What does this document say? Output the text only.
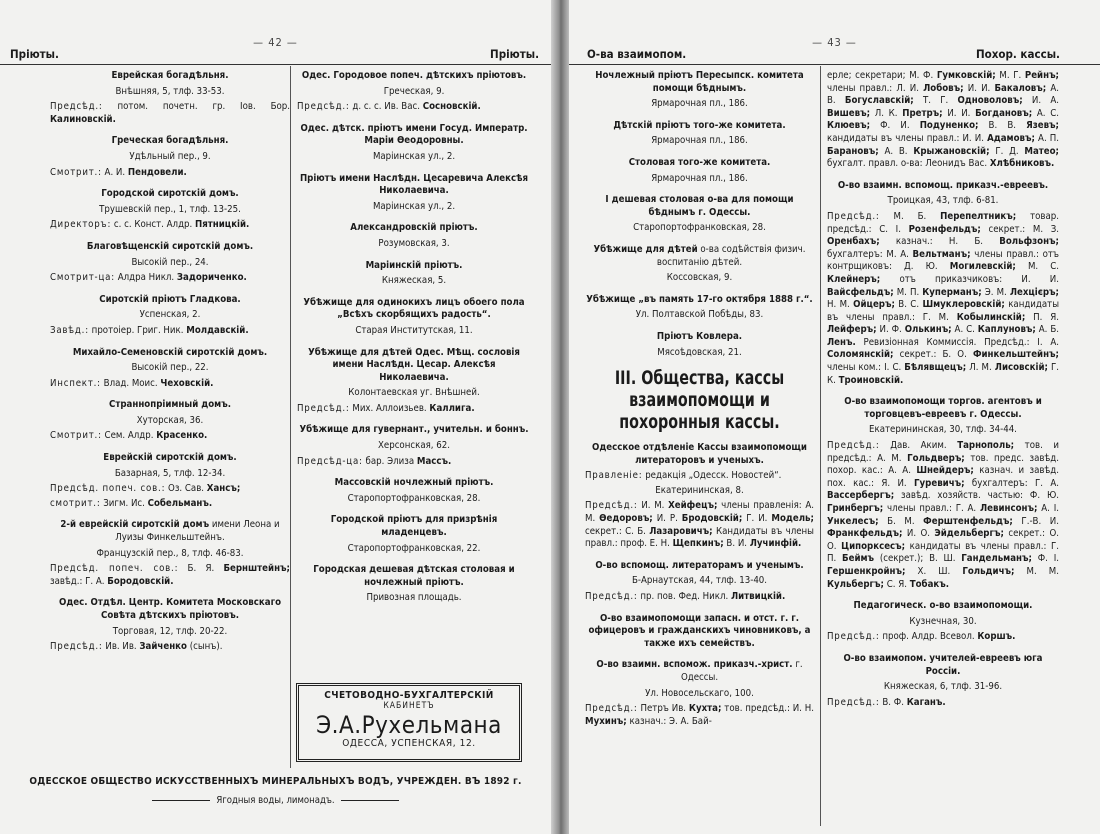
Пріюты.
— 42 —
Пріюты.
Еврейская богадѣльня.
Внѣшняя, 5, тлф. 33-53.
Предсѣд.: потом. почетн. гр. Іов. Бор. Калиновскій.
Греческая богадѣльня.
Удѣльный пер., 9.
Смотрит.: А. И. Пендовели.
Городской сиротскій домъ.
Трушевскій пер., 1, тлф. 13-25.
Директоръ: с. с. Конст. Алдр. Пятницкій.
Благовѣщенскій сиротскій домъ.
Высокій пер., 24.
Смотрит-ца: Алдра Никл. Задориченко.
Сиротскій пріютъ Гладкова.
Успенская, 2.
Завѣд.: протоіер. Григ. Ник. Молдавскій.
Михайло-Семеновскій сиротскій домъ.
Высокій пер., 22.
Инспект.: Влад. Моис. Чеховскій.
Страннопріимный домъ.
Хуторская, 36.
Смотрит.: Сем. Алдр. Красенко.
Еврейскій сиротскій домъ.
Базарная, 5, тлф. 12-34.
Предсѣд. попеч. сов.: Оз. Сав. Хансъ;
смотрит.: Зигм. Ис. Собельманъ.
2-й еврейскій сиротскій домъ имени Леона и Луизы Финкельштейнъ.
Французскій пер., 8, тлф. 46-83.
Предсѣд. попеч. сов.: Б. Я. Бернштейнъ; завѣд.: Г. А. Бородовскій.
Одес. Отдѣл. Центр. Комитета Московскаго Совѣта дѣтскихъ пріютовъ.
Торговая, 12, тлф. 20-22.
Предсѣд.: Ив. Ив. Зайченко (сынъ).
Одес. Городовое попеч. дѣтскихъ пріютовъ.
Греческая, 9.
Предсѣд.: д. с. с. Ив. Вас. Сосновскій.
Одес. дѣтск. пріютъ имени Госуд. Императр. Маріи Ѳеодоровны.
Маріинская ул., 2.
Пріютъ имени Наслѣдн. Цесаревича Алексѣя Николаевича.
Маріинская ул., 2.
Александровскій пріютъ.
Розумовская, 3.
Маріинскій пріютъ.
Княжеская, 5.
Убѣжище для одинокихъ лицъ обоего пола „Всѣхъ скорбящихъ радость“.
Старая Институтская, 11.
Убѣжище для дѣтей Одес. Мѣщ. сословія имени Наслѣдн. Цесар. Алексѣя Николаевича.
Колонтаевская уг. Внѣшней.
Предсѣд.: Мих. Аллоизьев. Каллига.
Убѣжище для гувернант., учительн. и боннъ.
Херсонская, 62.
Предсѣд-ца: бар. Элиза Массъ.
Массовскій ночлежный пріютъ.
Старопортофранковская, 28.
Городской пріютъ для призрѣнія младенцевъ.
Старопортофранковская, 22.
Городская дешевая дѣтская столовая и ночлежный пріютъ.
Привозная площадь.
СЧЕТОВОДНО-БУХГАЛТЕРСКІЙ
КАБИНЕТЪ
Э.А.Рухельмана
ОДЕССА, УСПЕНСКАЯ, 12.
ОДЕССКОЕ ОБЩЕСТВО ИСКУССТВЕННЫХЪ МИНЕРАЛЬНЫХЪ ВОДЪ, УЧРЕЖДЕН. ВЪ 1892 г.
Ягодныя воды, лимонадъ.
О-ва взаимопом.
— 43 —
Похор. кассы.
Ночлежный пріютъ Пересыпск. комитета помощи бѣднымъ.
Ярмарочная пл., 186.
Дѣтскій пріютъ того-же комитета.
Ярмарочная пл., 186.
Столовая того-же комитета.
Ярмарочная пл., 186.
I дешевая столовая о-ва для помощи бѣднымъ г. Одессы.
Старопортофранковская, 28.
Убѣжище для дѣтей о-ва содѣйствія физич. воспитанію дѣтей.
Коссовская, 9.
Убѣжище „въ память 17-го октября 1888 г.“.
Ул. Полтавской Побѣды, 83.
Пріютъ Ковлера.
Мясоѣдовская, 21.
III. Общества, кассы взаимопомощи и похоронныя кассы.
Одесское отдѣленіе Кассы взаимопомощи литераторовъ и ученыхъ.
Правленіе: редакція „Одесск. Новостей“.
Екатерининская, 8.
Предсѣд.: И. М. Хейфецъ; члены правленія: А. М. Ѳедоровъ; И. Р. Бродовскій; Г. И. Модель; секрет.: С. Б. Лазаровичъ; Кандидаты въ члены правл.: проф. Е. Н. Щепкинъ; В. И. Лучинфій.
О-во вспомощ. литераторамъ и ученымъ.
Б-Арнаутская, 44, тлф. 13-40.
Предсѣд.: пр. пов. Фед. Никл. Литвицкій.
О-во взаимопомощи запасн. и отст. г. г. офицеровъ и гражданскихъ чиновниковъ, а также ихъ семействъ.
О-во взаимн. вспомож. приказч.-христ. г. Одессы.
Ул. Новосельскаго, 100.
Предсѣд.: Петръ Ив. Кухта; тов. предсѣд.: И. Н. Мухинъ; казнач.: Э. А. Бай-
ерле; секретари; М. Ф. Гумковскій; М. Г. Рейнъ; члены правл.: Л. И. Лобовъ; И. И. Бакаловъ; А. В. Богуславскій; Т. Г. Одноволовъ; И. А. Вишевъ; Л. К. Претръ; И. И. Богдановъ; А. С. Клюевъ; Ф. И. Подуненко; В. В. Язевъ; кандидаты въ члены правл.: И. И. Адамовъ; А. П. Барановъ; А. В. Крыжановскій; Г. Д. Матео; бухгалт. правл. о-ва: Леонидъ Вас. Хлѣбниковъ.
О-во взаимн. вспомощ. приказч.-евреевъ.
Троицкая, 43, тлф. 6-81.
Предсѣд.: М. Б. Перепелтникъ; товар. предсѣд.: С. І. Розенфельдъ; секрет.: М. З. Оренбахъ; казнач.: Н. Б. Вольфзонъ; бухгалтеръ: М. А. Вельтманъ; члены правл.: отъ контрщиковъ: Д. Ю. Могилевскій; М. С. Клейнеръ; отъ приказчиковъ: И. И. Вайсфельдъ; М. П. Куперманъ; Э. М. Лехцієръ; Н. М. Ойцеръ; В. С. Шмуклеровскій; кандидаты въ члены правл.: Г. М. Кобылинскій; П. Я. Лейферъ; И. Ф. Олькинъ; А. С. Каплуновъ; А. Б. Ленъ. Ревизіонная Коммиссія. Предсѣд.: І. А. Соломянскій; секрет.: Б. О. Финкельштейнъ; члены ком.: І. С. Бѣлявщецъ; Л. М. Лисовскій; Г. К. Троиновскій.
О-во взаимопомощи торгов. агентовъ и торговцевъ-евреевъ г. Одессы.
Екатерининская, 30, тлф. 34-44.
Предсѣд.: Дав. Аким. Тарнополь; тов. и предсѣд.: А. М. Гольдверъ; тов. предс. завѣд. похор. кас.: А. А. Шнейдеръ; казнач. и завѣд. пох. кас.: Я. И. Гуревичъ; бухгалтеръ: Г. А. Вассербергъ; завѣд. хозяйств. частью: Ф. Ю. Гринбергъ; члены правл.: Г. А. Левинсонъ; А. І. Ункелесъ; Б. М. Ферштенфельдъ; Г.-В. И. Франкфельдъ; И. О. Эйдельбергъ; секрет.: О. О. Ципорксесъ; кандидаты въ члены правл.: Г. П. Беймъ (секрет.); В. Ш. Гандельманъ; Ф. І. Гершенкройнъ; Х. Ш. Гольдичъ; М. М. Кульбергъ; С. Я. Тобакъ.
Педагогическ. о-во взаимопомощи.
Кузнечная, 30.
Предсѣд.: проф. Алдр. Всевол. Коршъ.
О-во взаимопом. учителей-евреевъ юга Россіи.
Княжеская, 6, тлф. 31-96.
Предсѣд.: В. Ф. Каганъ.
